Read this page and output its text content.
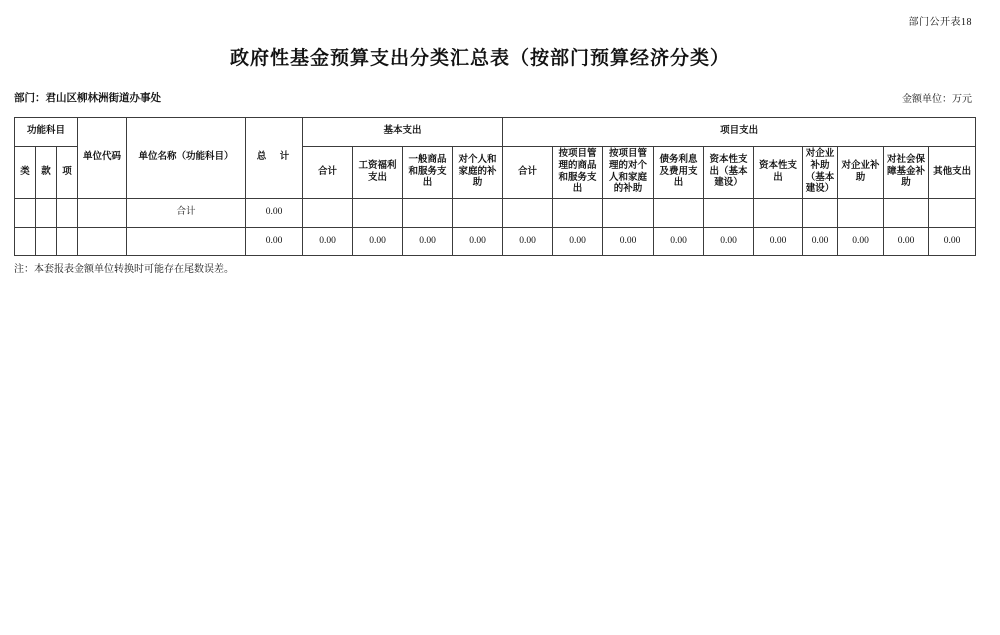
部门公开表18
政府性基金预算支出分类汇总表（按部门预算经济分类）
部门：君山区柳林洲街道办事处	金额单位：万元
功能科目			单位代码	单位名称（功能科目）	总　计	基本支出				项目支出									
类	款	项				合计	工资福利支出	一般商品和服务支出	对个人和家庭的补助	合计	按项目管理的商品和服务支出	按项目管理的对个人和家庭的补助	债务利息及费用支出	资本性支出（基本建设）	资本性支出	对企业补助（基本建设）	对企业补助	对社会保障基金补助	其他支出
				合计	0.00														
					0.00	0.00	0.00	0.00	0.00	0.00	0.00	0.00	0.00	0.00	0.00	0.00	0.00	0.00	0.00
注：本套报表金额单位转换时可能存在尾数误差。
